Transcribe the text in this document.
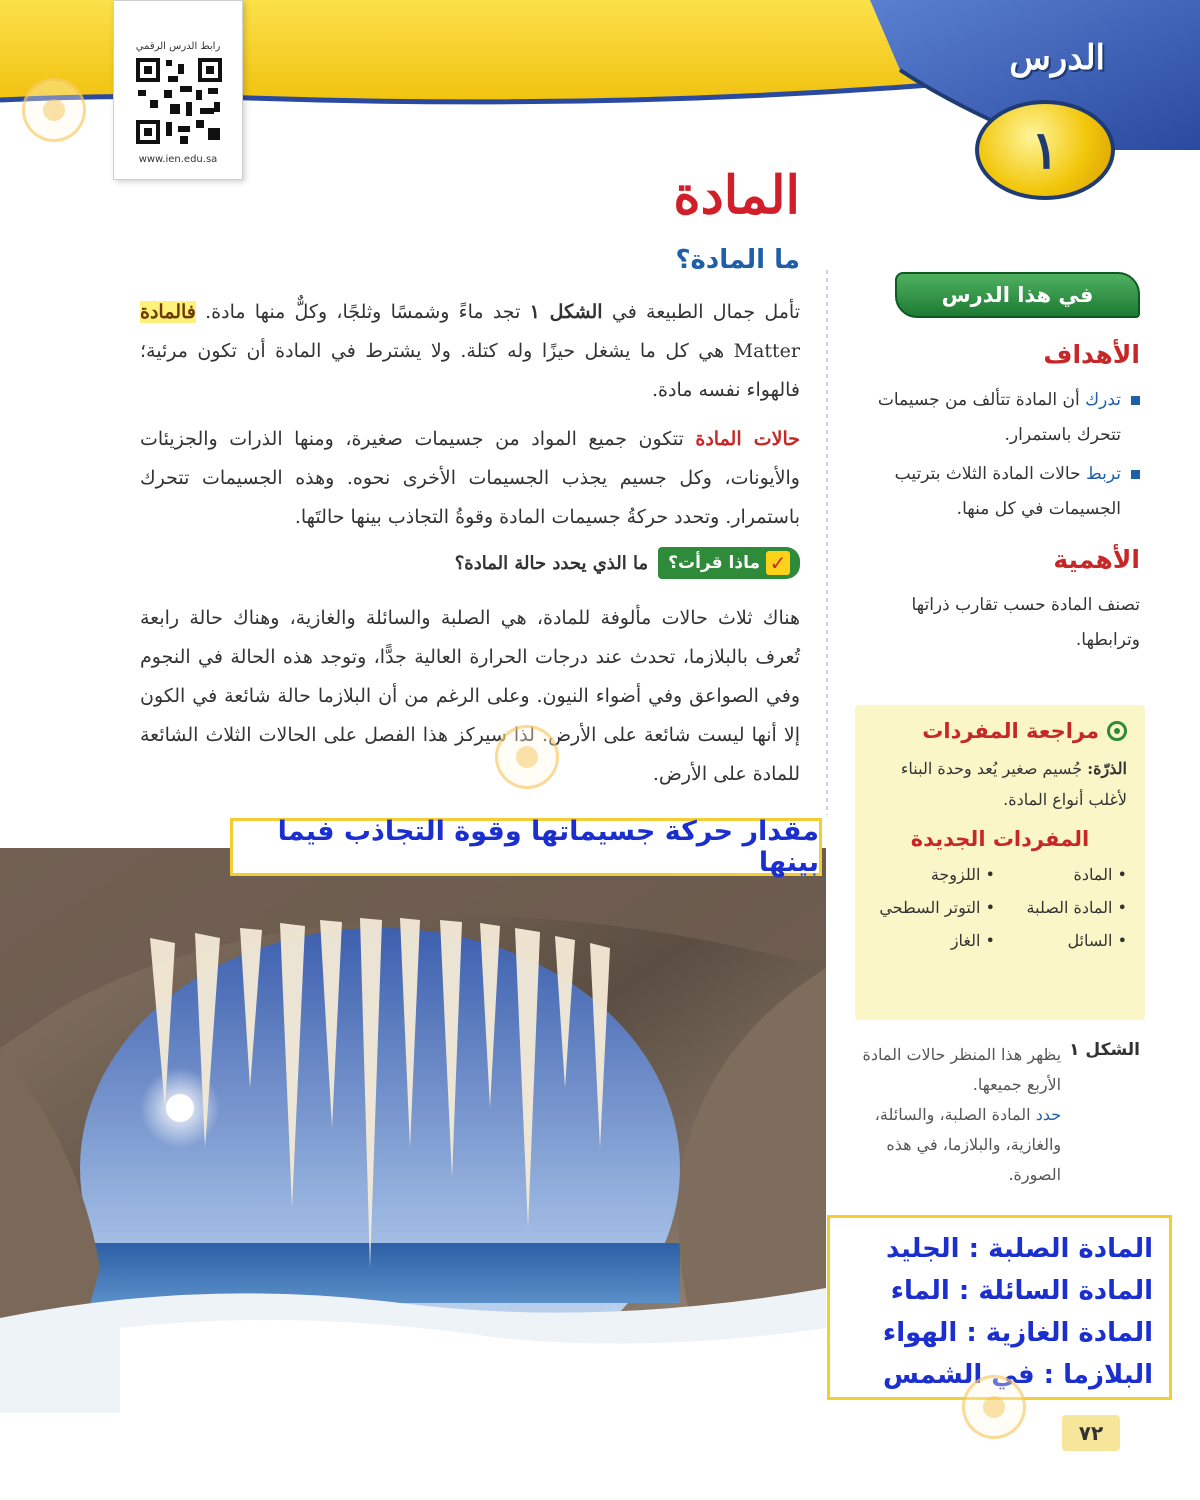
الدرس
١
رابط الدرس الرقمي
www.ien.edu.sa
المادة
ما المادة؟

تأمل جمال الطبيعة في الشكل ١ تجد ماءً وشمسًا وثلجًا، وكلٌّ منها مادة. فالمادة Matter هي كل ما يشغل حيزًا وله كتلة. ولا يشترط في المادة أن تكون مرئية؛ فالهواء نفسه مادة.

حالات المادة تتكون جميع المواد من جسيمات صغيرة، ومنها الذرات والجزيئات والأيونات، وكل جسيم يجذب الجسيمات الأخرى نحوه. وهذه الجسيمات تتحرك باستمرار. وتحدد حركةُ جسيمات المادة وقوةُ التجاذب بينها حالتَها.

✓
ماذا قرأت؟
ما الذي يحدد حالة المادة؟

هناك ثلاث حالات مألوفة للمادة، هي الصلبة والسائلة والغازية، وهناك حالة رابعة تُعرف بالبلازما، تحدث عند درجات الحرارة العالية جدًّا، وتوجد هذه الحالة في النجوم وفي الصواعق وفي أضواء النيون. وعلى الرغم من أن البلازما حالة شائعة في الكون إلا أنها ليست شائعة على الأرض. لذا سيركز هذا الفصل على الحالات الثلاث الشائعة للمادة على الأرض.

مقدار حركة جسيماتها وقوة التجاذب فيما بينها
في هذا الدرس
الأهداف
تدرك أن المادة تتألف من جسيمات تتحرك باستمرار.
تربط حالات المادة الثلاث بترتيب الجسيمات في كل منها.
الأهمية
تصنف المادة حسب تقارب ذراتها وترابطها.
مراجعة المفردات
الذرّة: جُسيم صغير يُعد وحدة البناء لأغلب أنواع المادة.
المفردات الجديدة
• المادة
• اللزوجة
• المادة الصلبة
• التوتر السطحي
• السائل
• الغاز
الشكل ١
يظهر هذا المنظر حالات المادة الأربع جميعها.
حدد المادة الصلبة، والسائلة، والغازية، والبلازما، في هذه الصورة.
المادة الصلبة : الجليد
المادة السائلة : الماء
المادة الغازية : الهواء
البلازما : في الشمس
٧٢
